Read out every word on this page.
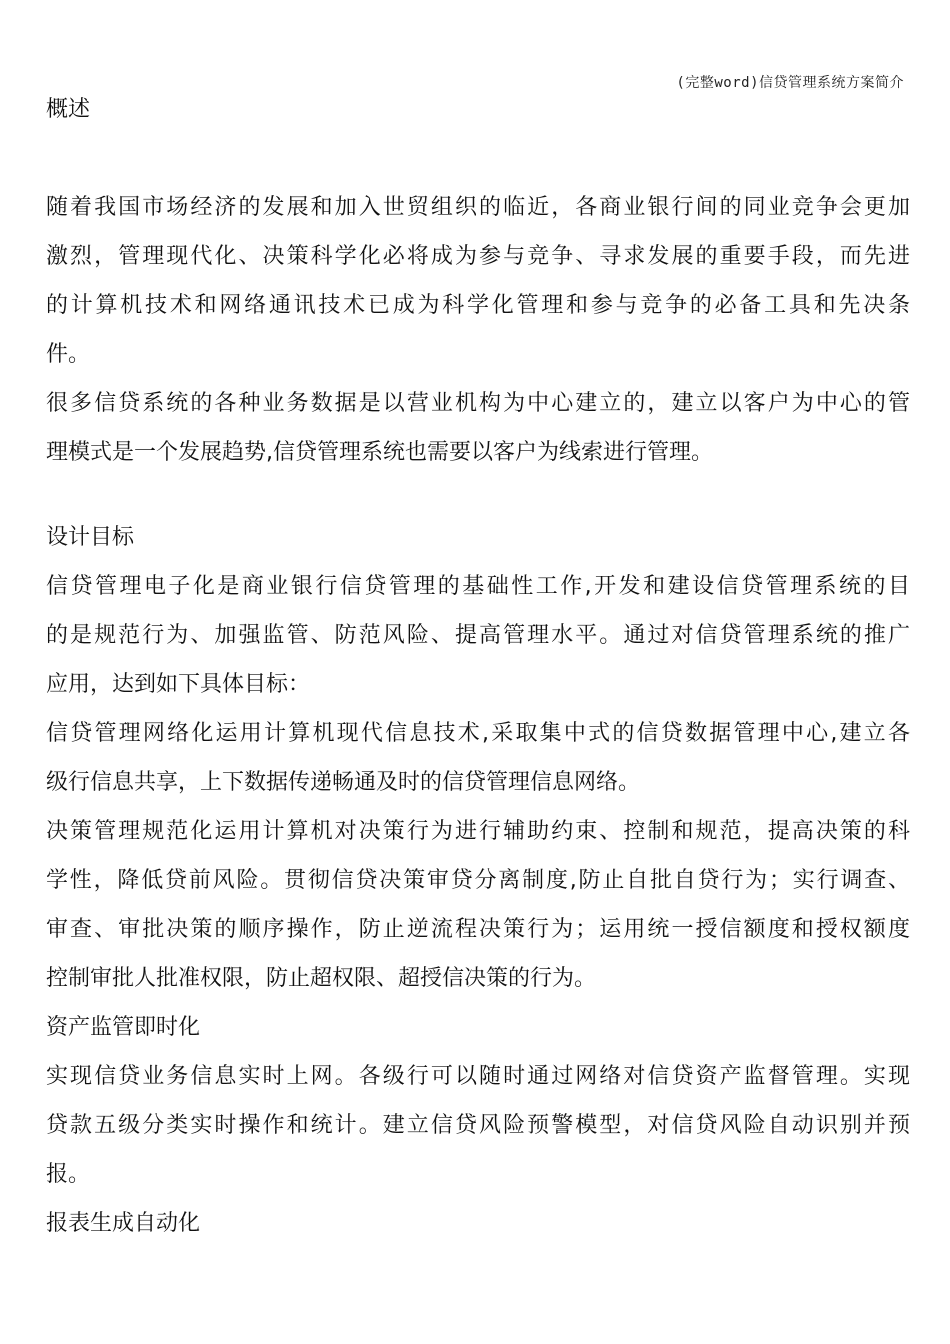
(完整word)信贷管理系统方案简介
概述
随着我国市场经济的发展和加入世贸组织的临近，各商业银行间的同业竞争会更加
激烈，管理现代化、决策科学化必将成为参与竞争、寻求发展的重要手段，而先进
的计算机技术和网络通讯技术已成为科学化管理和参与竞争的必备工具和先决条
件。
很多信贷系统的各种业务数据是以营业机构为中心建立的，建立以客户为中心的管
理模式是一个发展趋势,信贷管理系统也需要以客户为线索进行管理。
设计目标
信贷管理电子化是商业银行信贷管理的基础性工作,开发和建设信贷管理系统的目
的是规范行为、加强监管、防范风险、提高管理水平。通过对信贷管理系统的推广
应用，达到如下具体目标：
信贷管理网络化运用计算机现代信息技术,采取集中式的信贷数据管理中心,建立各
级行信息共享，上下数据传递畅通及时的信贷管理信息网络。
决策管理规范化运用计算机对决策行为进行辅助约束、控制和规范，提高决策的科
学性，降低贷前风险。贯彻信贷决策审贷分离制度,防止自批自贷行为；实行调查、
审查、审批决策的顺序操作，防止逆流程决策行为；运用统一授信额度和授权额度
控制审批人批准权限，防止超权限、超授信决策的行为。
资产监管即时化
实现信贷业务信息实时上网。各级行可以随时通过网络对信贷资产监督管理。实现
贷款五级分类实时操作和统计。建立信贷风险预警模型，对信贷风险自动识别并预
报。
报表生成自动化
